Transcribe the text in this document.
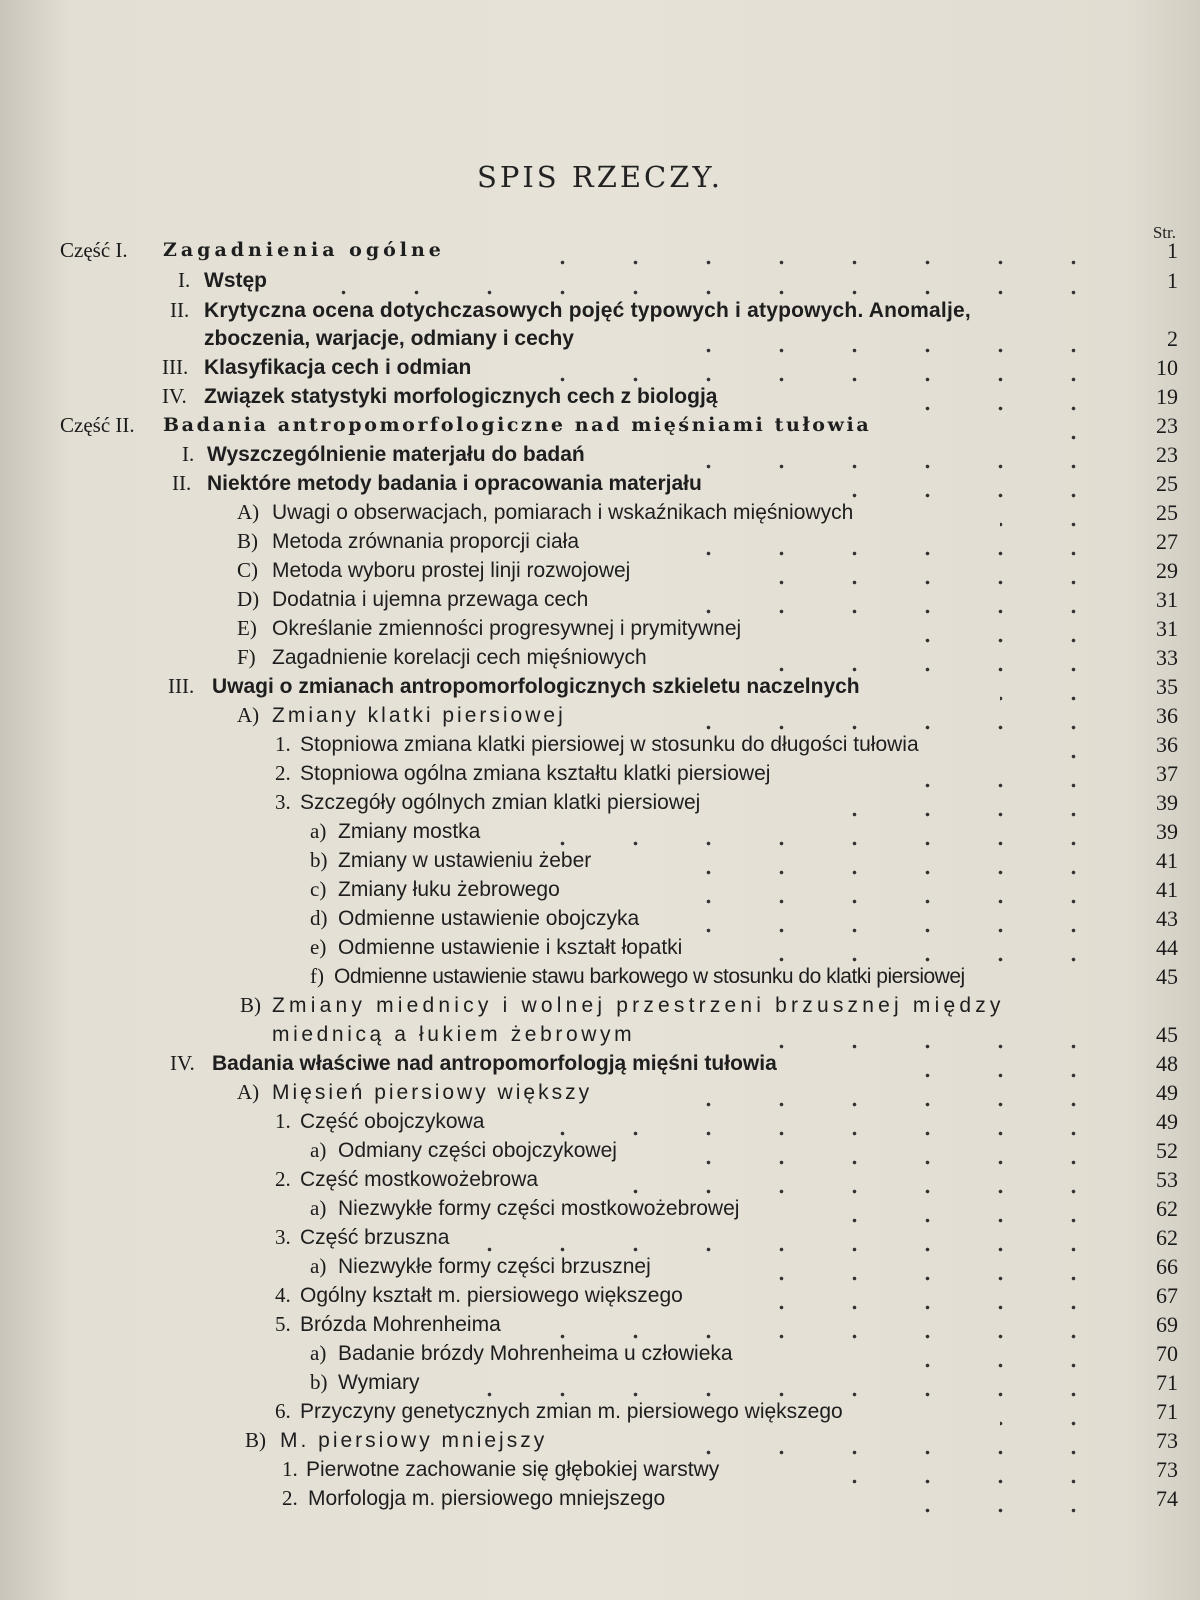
SPIS RZECZY.
Str.
Część I. Zagadnienia ogólne	1
I. Wstęp	1
II. Krytyczna ocena dotychczasowych pojęć typowych i atypowych. Anomalje,
zboczenia, warjacje, odmiany i cechy	2
III. Klasyfikacja cech i odmian	10
IV. Związek statystyki morfologicznych cech z biologją	19
Część II. Badania antropomorfologiczne nad mięśniami tułowia	23
I. Wyszczególnienie materjału do badań	23
II. Niektóre metody badania i opracowania materjału	25
A) Uwagi o obserwacjach, pomiarach i wskaźnikach mięśniowych	25
B) Metoda zrównania proporcji ciała	27
C) Metoda wyboru prostej linji rozwojowej	29
D) Dodatnia i ujemna przewaga cech	31
E) Określanie zmienności progresywnej i prymitywnej	31
F) Zagadnienie korelacji cech mięśniowych	33
III. Uwagi o zmianach antropomorfologicznych szkieletu naczelnych	35
A) Zmiany klatki piersiowej	36
1. Stopniowa zmiana klatki piersiowej w stosunku do długości tułowia	36
2. Stopniowa ogólna zmiana kształtu klatki piersiowej	37
3. Szczegóły ogólnych zmian klatki piersiowej	39
a) Zmiany mostka	39
b) Zmiany w ustawieniu żeber	41
c) Zmiany łuku żebrowego	41
d) Odmienne ustawienie obojczyka	43
e) Odmienne ustawienie i kształt łopatki	44
f) Odmienne ustawienie stawu barkowego w stosunku do klatki piersiowej	45
B) Zmiany miednicy i wolnej przestrzeni brzusznej między
miednicą a łukiem żebrowym	45
IV. Badania właściwe nad antropomorfologją mięśni tułowia	48
A) Mięsień piersiowy większy	49
1. Część obojczykowa	49
a) Odmiany części obojczykowej	52
2. Część mostkowożebrowa	53
a) Niezwykłe formy części mostkowożebrowej	62
3. Część brzuszna	62
a) Niezwykłe formy części brzusznej	66
4. Ogólny kształt m. piersiowego większego	67
5. Brózda Mohrenheima	69
a) Badanie brózdy Mohrenheima u człowieka	70
b) Wymiary	71
6. Przyczyny genetycznych zmian m. piersiowego większego	71
B) M. piersiowy mniejszy	73
1. Pierwotne zachowanie się głębokiej warstwy	73
2. Morfologja m. piersiowego mniejszego	74
